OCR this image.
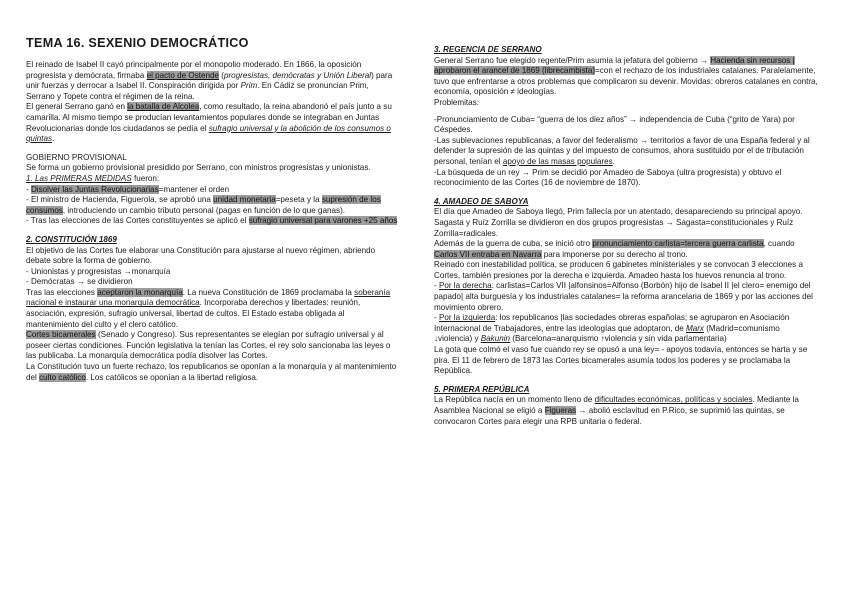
TEMA 16. SEXENIO DEMOCRÁTICO

El reinado de Isabel II cayó principalmente por el monopolio moderado. En 1866, la oposición progresista y demócrata, firmaba el pacto de Ostende (progresistas, demócratas y Unión Liberal) para unir fuerzas y derrocar a Isabel II. Conspiración dirigida por Prim. En Cádiz se pronuncian Prim, Serrano y Topete contra el régimen de la reina.

El general Serrano ganó en la batalla de Alcolea, como resultado, la reina abandonó el país junto a su camarilla. Al mismo tiempo se producían levantamientos populares donde se integraban en Juntas Revolucionarias donde los ciudadanos se pedía el sufragio universal y la abolición de los consumos o quintas.

GOBIERNO PROVISIONAL

Se forma un gobierno provisional presidido por Serrano, con ministros progresistas y unionistas.

1. Las PRIMERAS MEDIDAS fueron:

- Disolver las Juntas Revolucionarias=mantener el orden

- El ministro de Hacienda, Figuerola, se aprobó una unidad monetaria=peseta y la supresión de los consumos, introduciendo un cambio tributo personal (pagas en función de lo que ganas).

- Tras las elecciones de las Cortes constituyentes se aplicó el sufragio universal para varones +25 años

2. CONSTITUCIÓN 1869

El objetivo de las Cortes fue elaborar una Constitución para ajustarse al nuevo régimen, abriendo debate sobre la forma de gobierno.

- Unionistas y progresistas →monarquía

- Demócratas → se dividieron

Tras las elecciones aceptaron la monarquía. La nueva Constitución de 1869 proclamaba la soberanía nacional e instaurar una monarquía democrática. Incorporaba derechos y libertades: reunión, asociación, expresión, sufragio universal, libertad de cultos. El Estado estaba obligada al mantenimiento del culto y el clero católico.

Cortes bicamerales (Senado y Congreso). Sus representantes se elegían por sufragio universal y al poseer ciertas condiciones. Función legislativa la tenían las Cortes, el rey solo sancionaba las leyes o las publicaba. La monarquía democrática podía disolver las Cortes.

La Constitución tuvo un fuerte rechazo, los republicanos se oponían a la monarquía y al mantenimiento del culto católico. Los católicos se oponían a la libertad religiosa.

3. REGENCIA DE SERRANO

General Serrano fue elegido regente/Prim asumía la jefatura del gobierno → Hacienda sin recursos | aprobaron el arancel de 1869 (librecambista)=con el rechazo de los industriales catalanes. Paralelamente, tuvo que enfrentarse a otros problemas que complicaron su devenir. Movidas: obreros catalanes en contra, economía, oposición ≠ ideologías.

Problemitas:

-Pronunciamiento de Cuba= “guerra de los diez años” → independencia de Cuba (“grito de Yara) por Céspedes.

-Las sublevaciones republicanas, a favor del federalismo → territorios a favor de una España federal y al defender la supresión de las quintas y del impuesto de consumos, ahora sustituido por el de tributación personal, tenían el apoyo de las masas populares.

-La búsqueda de un rey → Prim se decidió por Amadeo de Saboya (ultra progresista) y obtuvo el reconocimiento de las Cortes (16 de noviembre de 1870).

4. AMADEO DE SABOYA

El día que Amadeo de Saboya llegó, Prim fallecía por un atentado, desapareciendo su principal apoyo. Sagasta y Ruíz Zorrilla se dividieron en dos grupos progresistas → Sagasta=constitucionales y Ruíz Zorrilla=radicales.

Además de la guerra de cuba, se inició otro pronunciamiento carlista=tercera guerra carlista, cuando Carlos VII entraba en Navarra para imponerse por su derecho al trono.

Reinado con inestabilidad política, se producen 6 gabinetes ministeriales y se convocan 3 elecciones a Cortes, también presiones por la derecha e izquierda. Amadeo hasta los huevos renuncia al trono.

- Por la derecha: carlistas=Carlos VII |alfonsinos=Alfonso (Borbón) hijo de Isabel II |el clero= enemigo del papado| alta burguesía y los industriales catalanes= la reforma arancelaria de 1869 y por las acciones del movimiento obrero.

- Por la izquierda: los republicanos |las sociedades obreras españolas; se agruparon en Asociación Internacional de Trabajadores, entre las ideologías que adoptaron, de Marx (Madrid=comunismo ↓violencia) y Bakunin (Barcelona=anarquismo ↑violencia y sin vida parlamentaria)

La gota que colmó el vaso fue cuando rey se opusó a una ley= - apoyos todavía, entonces se harta y se pira. El 11 de febrero de 1873 las Cortes bicamerales asumía todos los poderes y se proclamaba la República.

5. PRIMERA REPÚBLICA

La República nacía en un momento lleno de dificultades económicas, políticas y sociales. Mediante la Asamblea Nacional se eligió a Figueras → abolió esclavitud en P.Rico, se suprimió las quintas, se convocaron Cortes para elegir una RPB unitaria o federal.
